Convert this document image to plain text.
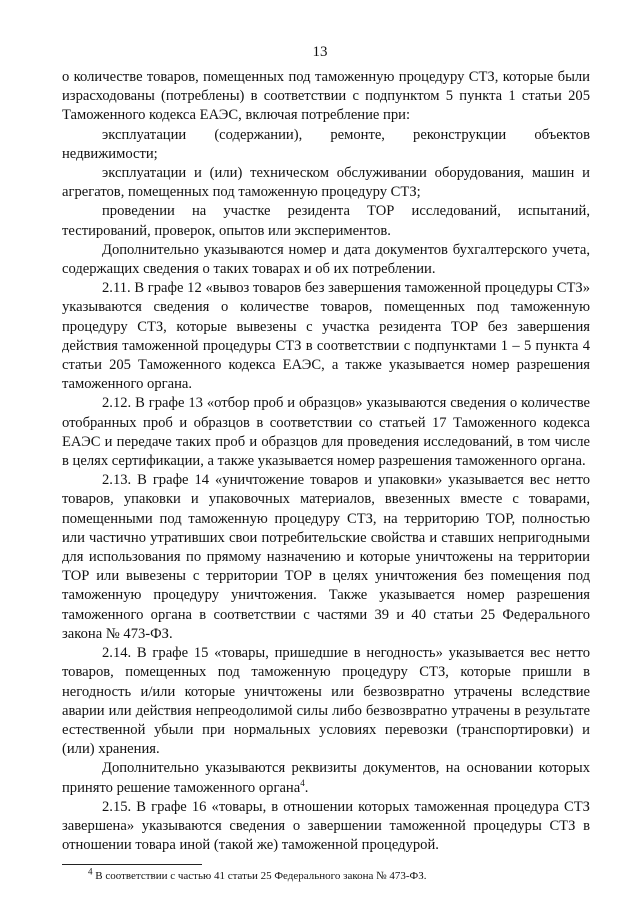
13

о количестве товаров, помещенных под таможенную процедуру СТЗ, которые были израсходованы (потреблены) в соответствии с подпунктом 5 пункта 1 статьи 205 Таможенного кодекса ЕАЭС, включая потребление при:

эксплуатации (содержании), ремонте, реконструкции объектов недвижимости;

эксплуатации и (или) техническом обслуживании оборудования, машин и агрегатов, помещенных под таможенную процедуру СТЗ;

проведении на участке резидента ТОР исследований, испытаний, тестирований, проверок, опытов или экспериментов.

Дополнительно указываются номер и дата документов бухгалтерского учета, содержащих сведения о таких товарах и об их потреблении.

2.11. В графе 12 «вывоз товаров без завершения таможенной процедуры СТЗ» указываются сведения о количестве товаров, помещенных под таможенную процедуру СТЗ, которые вывезены с участка резидента ТОР без завершения действия таможенной процедуры СТЗ в соответствии с подпунктами 1 – 5 пункта 4 статьи 205 Таможенного кодекса ЕАЭС, а также указывается номер разрешения таможенного органа.

2.12. В графе 13 «отбор проб и образцов» указываются сведения о количестве отобранных проб и образцов в соответствии со статьей 17 Таможенного кодекса ЕАЭС и передаче таких проб и образцов для проведения исследований, в том числе в целях сертификации, а также указывается номер разрешения таможенного органа.

2.13. В графе 14 «уничтожение товаров и упаковки» указывается вес нетто товаров, упаковки и упаковочных материалов, ввезенных вместе с товарами, помещенными под таможенную процедуру СТЗ, на территорию ТОР, полностью или частично утративших свои потребительские свойства и ставших непригодными для использования по прямому назначению и которые уничтожены на территории ТОР или вывезены с территории ТОР в целях уничтожения без помещения под таможенную процедуру уничтожения. Также указывается номер разрешения таможенного органа в соответствии с частями 39 и 40 статьи 25 Федерального закона № 473-ФЗ.

2.14. В графе 15 «товары, пришедшие в негодность» указывается вес нетто товаров, помещенных под таможенную процедуру СТЗ, которые пришли в негодность и/или которые уничтожены или безвозвратно утрачены вследствие аварии или действия непреодолимой силы либо безвозвратно утрачены в результате естественной убыли при нормальных условиях перевозки (транспортировки) и (или) хранения.

Дополнительно указываются реквизиты документов, на основании которых принято решение таможенного органа$^4$.

2.15. В графе 16 «товары, в отношении которых таможенная процедура СТЗ завершена» указываются сведения о завершении таможенной процедуры СТЗ в отношении товара иной (такой же) таможенной процедурой.

$^4$ В соответствии с частью 41 статьи 25 Федерального закона № 473-ФЗ.
